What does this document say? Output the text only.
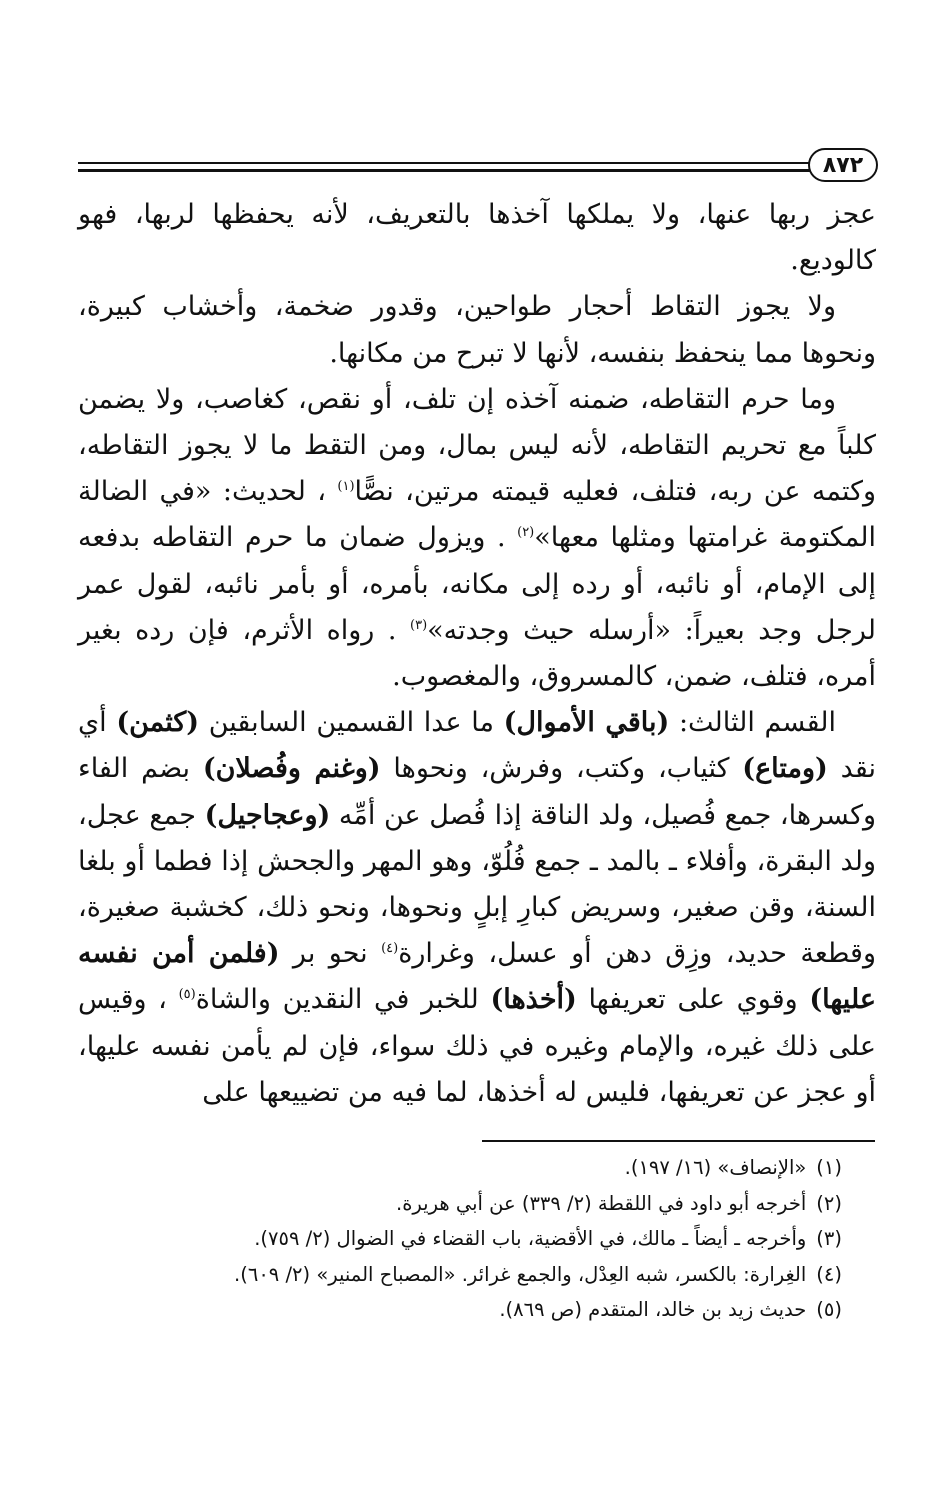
٨٧٢

عجز ربها عنها، ولا يملكها آخذها بالتعريف، لأنه يحفظها لربها، فهو كالوديع.

ولا يجوز التقاط أحجار طواحين، وقدور ضخمة، وأخشاب كبيرة، ونحوها مما ينحفظ بنفسه، لأنها لا تبرح من مكانها.

وما حرم التقاطه، ضمنه آخذه إن تلف، أو نقص، كغاصب، ولا يضمن كلباً مع تحريم التقاطه، لأنه ليس بمال، ومن التقط ما لا يجوز التقاطه، وكتمه عن ربه، فتلف، فعليه قيمته مرتين، نصًّا$^{(١)}$ ، لحديث: «في الضالة المكتومة غرامتها ومثلها معها»$^{(٢)}$ . ويزول ضمان ما حرم التقاطه بدفعه إلى الإمام، أو نائبه، أو رده إلى مكانه، بأمره، أو بأمر نائبه، لقول عمر لرجل وجد بعيراً: «أرسله حيث وجدته»$^{(٣)}$ . رواه الأثرم، فإن رده بغير أمره، فتلف، ضمن، كالمسروق، والمغصوب.

القسم الثالث: (باقي الأموال) ما عدا القسمين السابقين (كثمن) أي نقد (ومتاع) كثياب، وكتب، وفرش، ونحوها (وغنم وفُصلان) بضم الفاء وكسرها، جمع فُصيل، ولد الناقة إذا فُصل عن أمِّه (وعجاجيل) جمع عجل، ولد البقرة، وأفلاء ـ بالمد ـ جمع فُلُوّ، وهو المهر والجحش إذا فطما أو بلغا السنة، وقن صغير، وسريض كبارِ إبلٍ ونحوها، ونحو ذلك، كخشبة صغيرة، وقطعة حديد، وزِق دهن أو عسل، وغرارة$^{(٤)}$ نحو بر (فلمن أمن نفسه عليها) وقوي على تعريفها (أخذها) للخبر في النقدين والشاة$^{(٥)}$ ، وقيس على ذلك غيره، والإمام وغيره في ذلك سواء، فإن لم يأمن نفسه عليها، أو عجز عن تعريفها، فليس له أخذها، لما فيه من تضييعها على

(١)«الإنصاف» (١٦/ ١٩٧).

(٢)أخرجه أبو داود في اللقطة (٢/ ٣٣٩) عن أبي هريرة.

(٣)وأخرجه ـ أيضاً ـ مالك، في الأقضية، باب القضاء في الضوال (٢/ ٧٥٩).

(٤)الغِرارة: بالكسر، شبه العِدْل، والجمع غرائر. «المصباح المنير» (٢/ ٦٠٩).

(٥)حديث زيد بن خالد، المتقدم (ص ٨٦٩).
